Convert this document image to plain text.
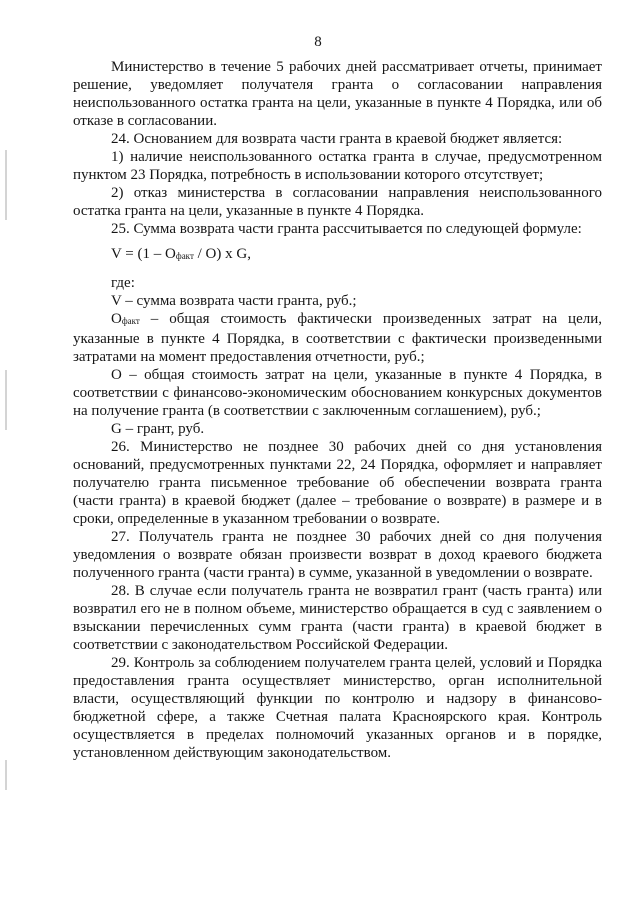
8

Министерство в течение 5 рабочих дней рассматривает отчеты, принимает решение, уведомляет получателя гранта о согласовании направления неиспользованного остатка гранта на цели, указанные в пункте 4 Порядка, или об отказе в согласовании.

24. Основанием для возврата части гранта в краевой бюджет является:

1) наличие неиспользованного остатка гранта в случае, предусмотренном пунктом 23 Порядка, потребность в использовании которого отсутствует;

2) отказ министерства в согласовании направления неиспользованного остатка гранта на цели, указанные в пункте 4 Порядка.

25. Сумма возврата части гранта рассчитывается по следующей формуле:

V = (1 – Oфакт / O) x G,

где:

V – сумма возврата части гранта, руб.;

Oфакт – общая стоимость фактически произведенных затрат на цели, указанные в пункте 4 Порядка, в соответствии с фактически произведенными затратами на момент предоставления отчетности, руб.;

O – общая стоимость затрат на цели, указанные в пункте 4 Порядка, в соответствии с финансово-экономическим обоснованием конкурсных документов на получение гранта (в соответствии с заключенным соглашением), руб.;

G – грант, руб.

26. Министерство не позднее 30 рабочих дней со дня установления оснований, предусмотренных пунктами 22, 24 Порядка, оформляет и направляет получателю гранта письменное требование об обеспечении возврата гранта (части гранта) в краевой бюджет (далее – требование о возврате) в размере и в сроки, определенные в указанном требовании о возврате.

27. Получатель гранта не позднее 30 рабочих дней со дня получения уведомления о возврате обязан произвести возврат в доход краевого бюджета полученного гранта (части гранта) в сумме, указанной в уведомлении о возврате.

28. В случае если получатель гранта не возвратил грант (часть гранта) или возвратил его не в полном объеме, министерство обращается в суд с заявлением о взыскании перечисленных сумм гранта (части гранта) в краевой бюджет в соответствии с законодательством Российской Федерации.

29. Контроль за соблюдением получателем гранта целей, условий и Порядка предоставления гранта осуществляет министерство, орган исполнительной власти, осуществляющий функции по контролю и надзору в финансово-бюджетной сфере, а также Счетная палата Красноярского края. Контроль осуществляется в пределах полномочий указанных органов и в порядке, установленном действующим законодательством.
